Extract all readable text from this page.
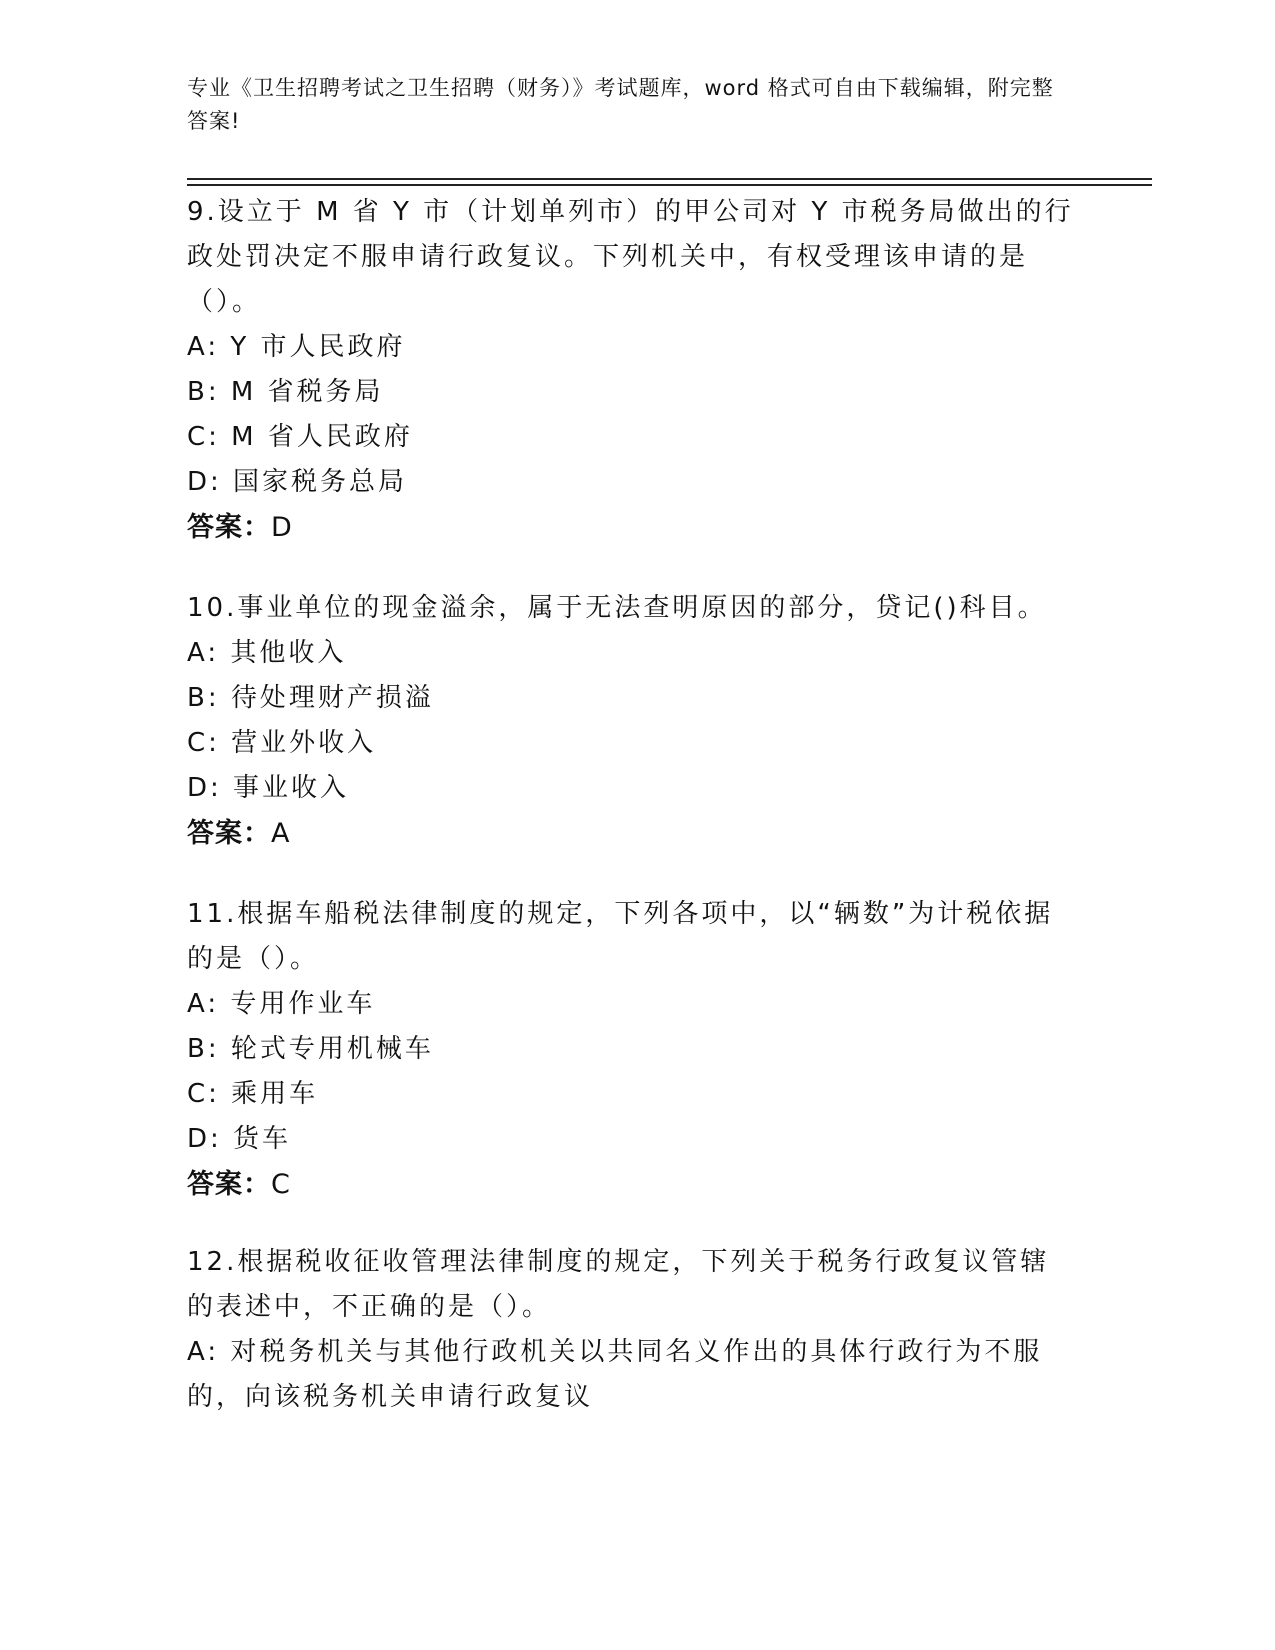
专业《卫生招聘考试之卫生招聘（财务）》考试题库，word 格式可自由下载编辑，附完整答案!
9.设立于 M 省 Y 市（计划单列市）的甲公司对 Y 市税务局做出的行政处罚决定不服申请行政复议。下列机关中，有权受理该申请的是（）。
A: Y 市人民政府
B: M 省税务局
C: M 省人民政府
D: 国家税务总局
答案：D
10.事业单位的现金溢余，属于无法查明原因的部分，贷记()科目。
A: 其他收入
B: 待处理财产损溢
C: 营业外收入
D: 事业收入
答案：A
11.根据车船税法律制度的规定，下列各项中，以“辆数”为计税依据的是（）。
A: 专用作业车
B: 轮式专用机械车
C: 乘用车
D: 货车
答案：C
12.根据税收征收管理法律制度的规定，下列关于税务行政复议管辖的表述中，不正确的是（）。
A: 对税务机关与其他行政机关以共同名义作出的具体行政行为不服的，向该税务机关申请行政复议
